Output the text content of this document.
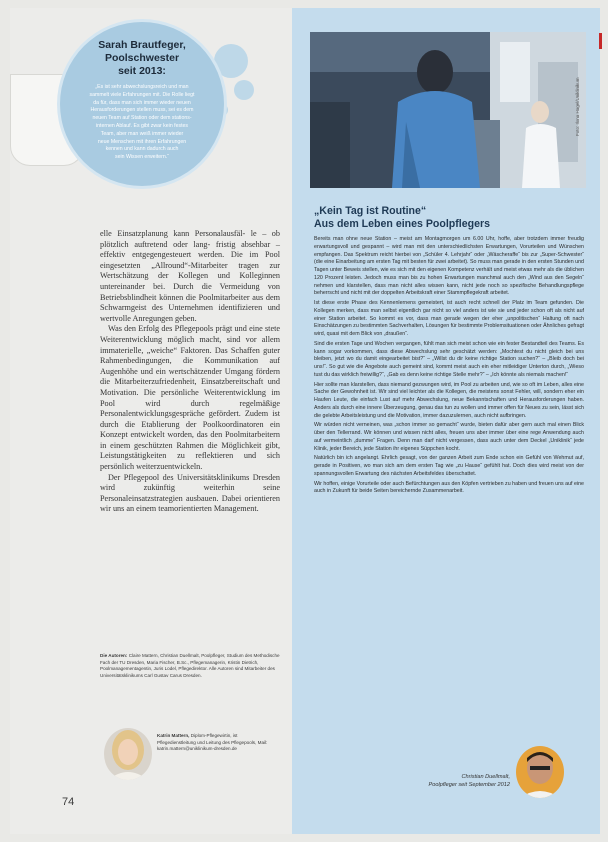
Sarah Brautfeger,
Poolschwester
seit 2013:
„Es ist sehr abwechslungsreich und man
sammelt viele Erfahrungen mit. Die Rolle liegt
da für, dass man sich immer wieder neuen
Herausforderungen stellen muss, sei es dem
neuen Team auf Station oder dem stations-
internen Ablauf. Es gibt zwar kein festes
Team, aber man weiß immer wieder
neue Menschen mit ihren Erfahrungen
kennen und kann dadurch auch
sein Wissen erweitern.“

elle Einsatzplanung kann Personalausfäl- le – ob plötzlich auftretend oder lang- fristig absehbar – effektiv entgegengesteuert werden. Die im Pool eingesetzten „Allround“-Mitarbeiter tragen zur Wertschätzung der Kollegen und Kolleginnen untereinander bei. Durch die Vermeidung von Betriebsblindheit können die Poolmitarbeiter aus dem Schwarmgeist des Unternehmen identifizieren und wertvolle Anregungen geben.

Was den Erfolg des Pflegepools prägt und eine stete Weiterentwicklung möglich macht, sind vor allem immaterielle, „weiche“ Faktoren. Das Schaffen guter Rahmenbedingungen, die Kommunikation auf Augenhöhe und ein wertschätzender Umgang fördern die Mitarbeiterzufriedenheit, Einsatzbereitschaft und Motivation. Die persönliche Weiterentwicklung im Pool wird durch regelmäßige Personalentwicklungsgespräche gefördert. Zudem ist durch die Etablierung der Poolkoordinatoren ein Konzept entwickelt worden, das den Poolmitarbeitern in einem geschützten Rahmen die Möglichkeit gibt, Leistungstätigkeiten zu reflektieren und sich persönlich weiterzuentwickeln.

Der Pflegepool des Universitätsklinikums Dresden wird zukünftig weiterhin seine Personaleinsatzstrategien ausbauen. Dabei orientieren wir uns an einem teamorientierten Management.

Die Autoren: Claire Mattern, Christian Duellmalt, Poolpfleger, Studium des Methodische Fach der TU Dresden, Maria Fischer, B.Sc., Pflegemanagerin, Kristin Dietrich, Poolmanagementagentin, Juris Lodel, Pflegedirektor. Alle Autoren sind Mitarbeiter des Universitätsklinikums Carl Gustav Carus Dresden.
Katrin Mattern, Diplom-Pflegewirtin, ist Pflegedienstleitung und Leitung des Pflegepools, Mail: katrin.mattern@uniklinikum-dresden.de
74
Foto: Ilona Hagel/Uniklinikum
„Kein Tag ist Routine“
Aus dem Leben eines Poolpflegers

Bereits man ohne neue Station – meist am Montagmorgen um 6.00 Uhr, hoffe, aber trotzdem immer freudig erwartungsvoll und gespannt – wird man mit den unterschiedlichsten Erwartungen, Vorurteilen und Wünschen empfangen. Das Spektrum reicht hierbei von „Schüler 4. Lehrjahr“ oder „Wäscheraffe“ bis zur „Super-Schwester“ (die eine Einarbeitung am ersten Tag mit besten für zwei arbeitet). So muss man gerade in den ersten Stunden und Tagen unter Beweis stellen, wie es sich mit den eigenen Kompetenz verhält und meist etwas mehr als die üblichen 120 Prozent leisten. Jedoch muss man bis zu hohen Erwartungen manchmal auch den „Wind aus den Segeln“ nehmen und klarstellen, dass man nicht alles wissen kann, nicht jede noch so spezifische Behandlungspflege beherrscht und nicht mit der doppelten Arbeitskraft einer Stammpflegekraft arbeitet.

Ist diese erste Phase des Kennenlernens gemeistert, ist auch recht schnell der Platz im Team gefunden. Die Kollegen merken, dass man selbst eigentlich gar nicht so viel anders ist wie sie und jeder schon oft als nicht auf einer Station arbeitet. So kommt es vor, dass man gerade wegen der eher „unpolitischen“ Haltung oft nach Einschätzungen zu bestimmten Sachverhalten, Lösungen für bestimmte Problemsituationen oder Ähnliches gefragt wird, quasi mit dem Blick von „draußen“.

Sind die ersten Tage und Wochen vergangen, fühlt man sich meist schon wie ein fester Bestandteil des Teams. Es kann sogar vorkommen, dass diese Abwechslung sehr geschätzt werden: „Mochtest du nicht gleich bei uns bleiben, jetzt wo du damit eingearbeitet bist?“ – „Willst du dir keine richtige Station suchen?“ – „Bleib doch bei uns!“. So gut wie die Angebote auch gemeint sind, kommt meist auch ein eher mitleidiger Unterton durch, „Wieso tust du das wirklich freiwillig?“, „Gab es denn keine richtige Stelle mehr?“ – „Ich könnte als niemals machen!“

Hier sollte man klarstellen, dass niemand gezwungen wird, im Pool zu arbeiten und, wie so oft im Leben, alles eine Sache der Gewohnheit ist. Wir sind viel leichter als die Kollegen, die meistens sonst Fehler, will, sondern eher ein Haufen Leute, die einfach Lust auf mehr Abwechslung, neue Bekanntschaften und Herausforderungen haben. Anders als durch eine innere Überzeugung, genau das tun zu wollen und immer offen für Neues zu sein, lässt sich die gelebte Arbeitsleistung und die Motivation, immer dazuzulernen, auch nicht aufbringen.

Wir würden nicht verneinen, was „schon immer so gemacht“ wurde, bieten dafür aber gern auch mal einen Blick über den Tellerrand. Wir können und wissen nicht alles, freuen uns aber immer über eine rege Anwendung auch auf vermeintlich „dumme“ Fragen. Denn man darf nicht vergessen, dass auch unter dem Deckel „Uniklinik“ jede Klinik, jeder Bereich, jede Station ihr eigenes Süppchen kocht.

Natürlich bin ich angelangt. Ehrlich gesagt, von der ganzen Arbeit zum Ende schon ein Gefühl von Wehmut auf, gerade in Positiven, wo man sich am dem ersten Tag wie „zu Hause“ gefühlt hat. Doch dies wird meist von der spannungsvollen Erwartung des nächsten Arbeitsfeldes überschattet.

Wir hoffen, einige Vorurteile oder auch Befürchtungen aus den Köpfen vertrieben zu haben und freuen uns auf eine auch in Zukunft für beide Seiten bereichernde Zusammenarbeit.

Christian Duellmalt,
Poolpfleger seit September 2012
